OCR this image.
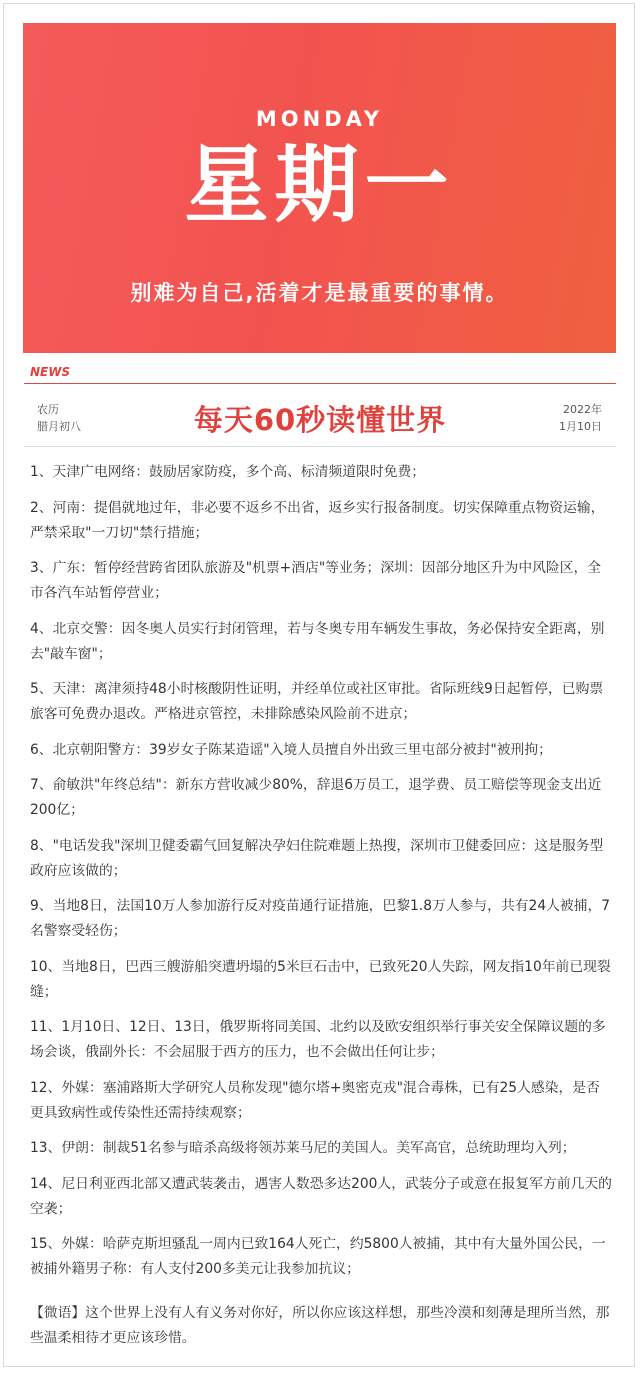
MONDAY
星期一
别难为自己,活着才是最重要的事情。
NEWS
农历
腊月初八	每天60秒读懂世界	2022年
1月10日
1、天津广电网络：鼓励居家防疫，多个高、标清频道限时免费；
2、河南：提倡就地过年，非必要不返乡不出省，返乡实行报备制度。切实保障重点物资运输，严禁采取"一刀切"禁行措施；
3、广东：暂停经营跨省团队旅游及"机票+酒店"等业务；深圳：因部分地区升为中风险区，全市各汽车站暂停营业；
4、北京交警：因冬奥人员实行封闭管理，若与冬奥专用车辆发生事故，务必保持安全距离，别去"敲车窗"；
5、天津：离津须持48小时核酸阴性证明，并经单位或社区审批。省际班线9日起暂停，已购票旅客可免费办退改。严格进京管控，未排除感染风险前不进京；
6、北京朝阳警方：39岁女子陈某造谣"入境人员擅自外出致三里屯部分被封"被刑拘；
7、俞敏洪"年终总结"：新东方营收减少80%，辞退6万员工，退学费、员工赔偿等现金支出近200亿；
8、"电话发我"深圳卫健委霸气回复解决孕妇住院难题上热搜，深圳市卫健委回应：这是服务型政府应该做的；
9、当地8日，法国10万人参加游行反对疫苗通行证措施，巴黎1.8万人参与，共有24人被捕，7名警察受轻伤；
10、当地8日，巴西三艘游船突遭坍塌的5米巨石击中，已致死20人失踪，网友指10年前已现裂缝；
11、1月10日、12日、13日，俄罗斯将同美国、北约以及欧安组织举行事关安全保障议题的多场会谈，俄副外长：不会屈服于西方的压力，也不会做出任何让步；
12、外媒：塞浦路斯大学研究人员称发现"德尔塔+奥密克戎"混合毒株，已有25人感染，是否更具致病性或传染性还需持续观察；
13、伊朗：制裁51名参与暗杀高级将领苏莱马尼的美国人。美军高官，总统助理均入列；
14、尼日利亚西北部又遭武装袭击，遇害人数恐多达200人，武装分子或意在报复军方前几天的空袭；
15、外媒：哈萨克斯坦骚乱一周内已致164人死亡，约5800人被捕，其中有大量外国公民，一被捕外籍男子称：有人支付200多美元让我参加抗议；
【微语】这个世界上没有人有义务对你好，所以你应该这样想，那些冷漠和刻薄是理所当然，那些温柔相待才更应该珍惜。
